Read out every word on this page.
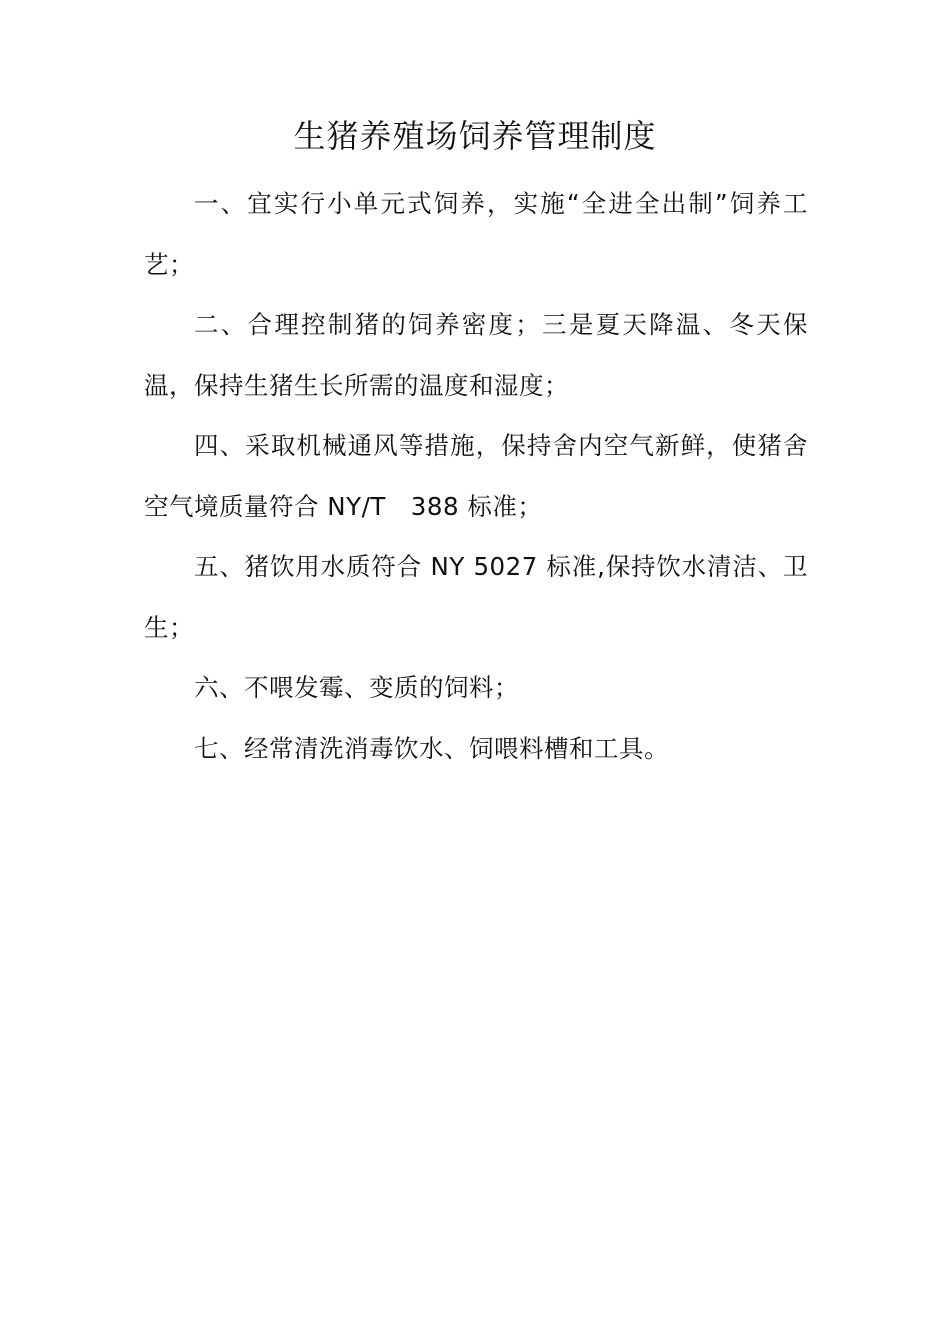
生猪养殖场饲养管理制度

一、宜实行小单元式饲养，实施“全进全出制”饲养工艺；

二、合理控制猪的饲养密度；三是夏天降温、冬天保温，保持生猪生长所需的温度和湿度；

四、采取机械通风等措施，保持舍内空气新鲜，使猪舍空气境质量符合 NY/T　388 标准；

五、猪饮用水质符合 NY 5027 标准,保持饮水清洁、卫生；

六、不喂发霉、变质的饲料；

七、经常清洗消毒饮水、饲喂料槽和工具。
